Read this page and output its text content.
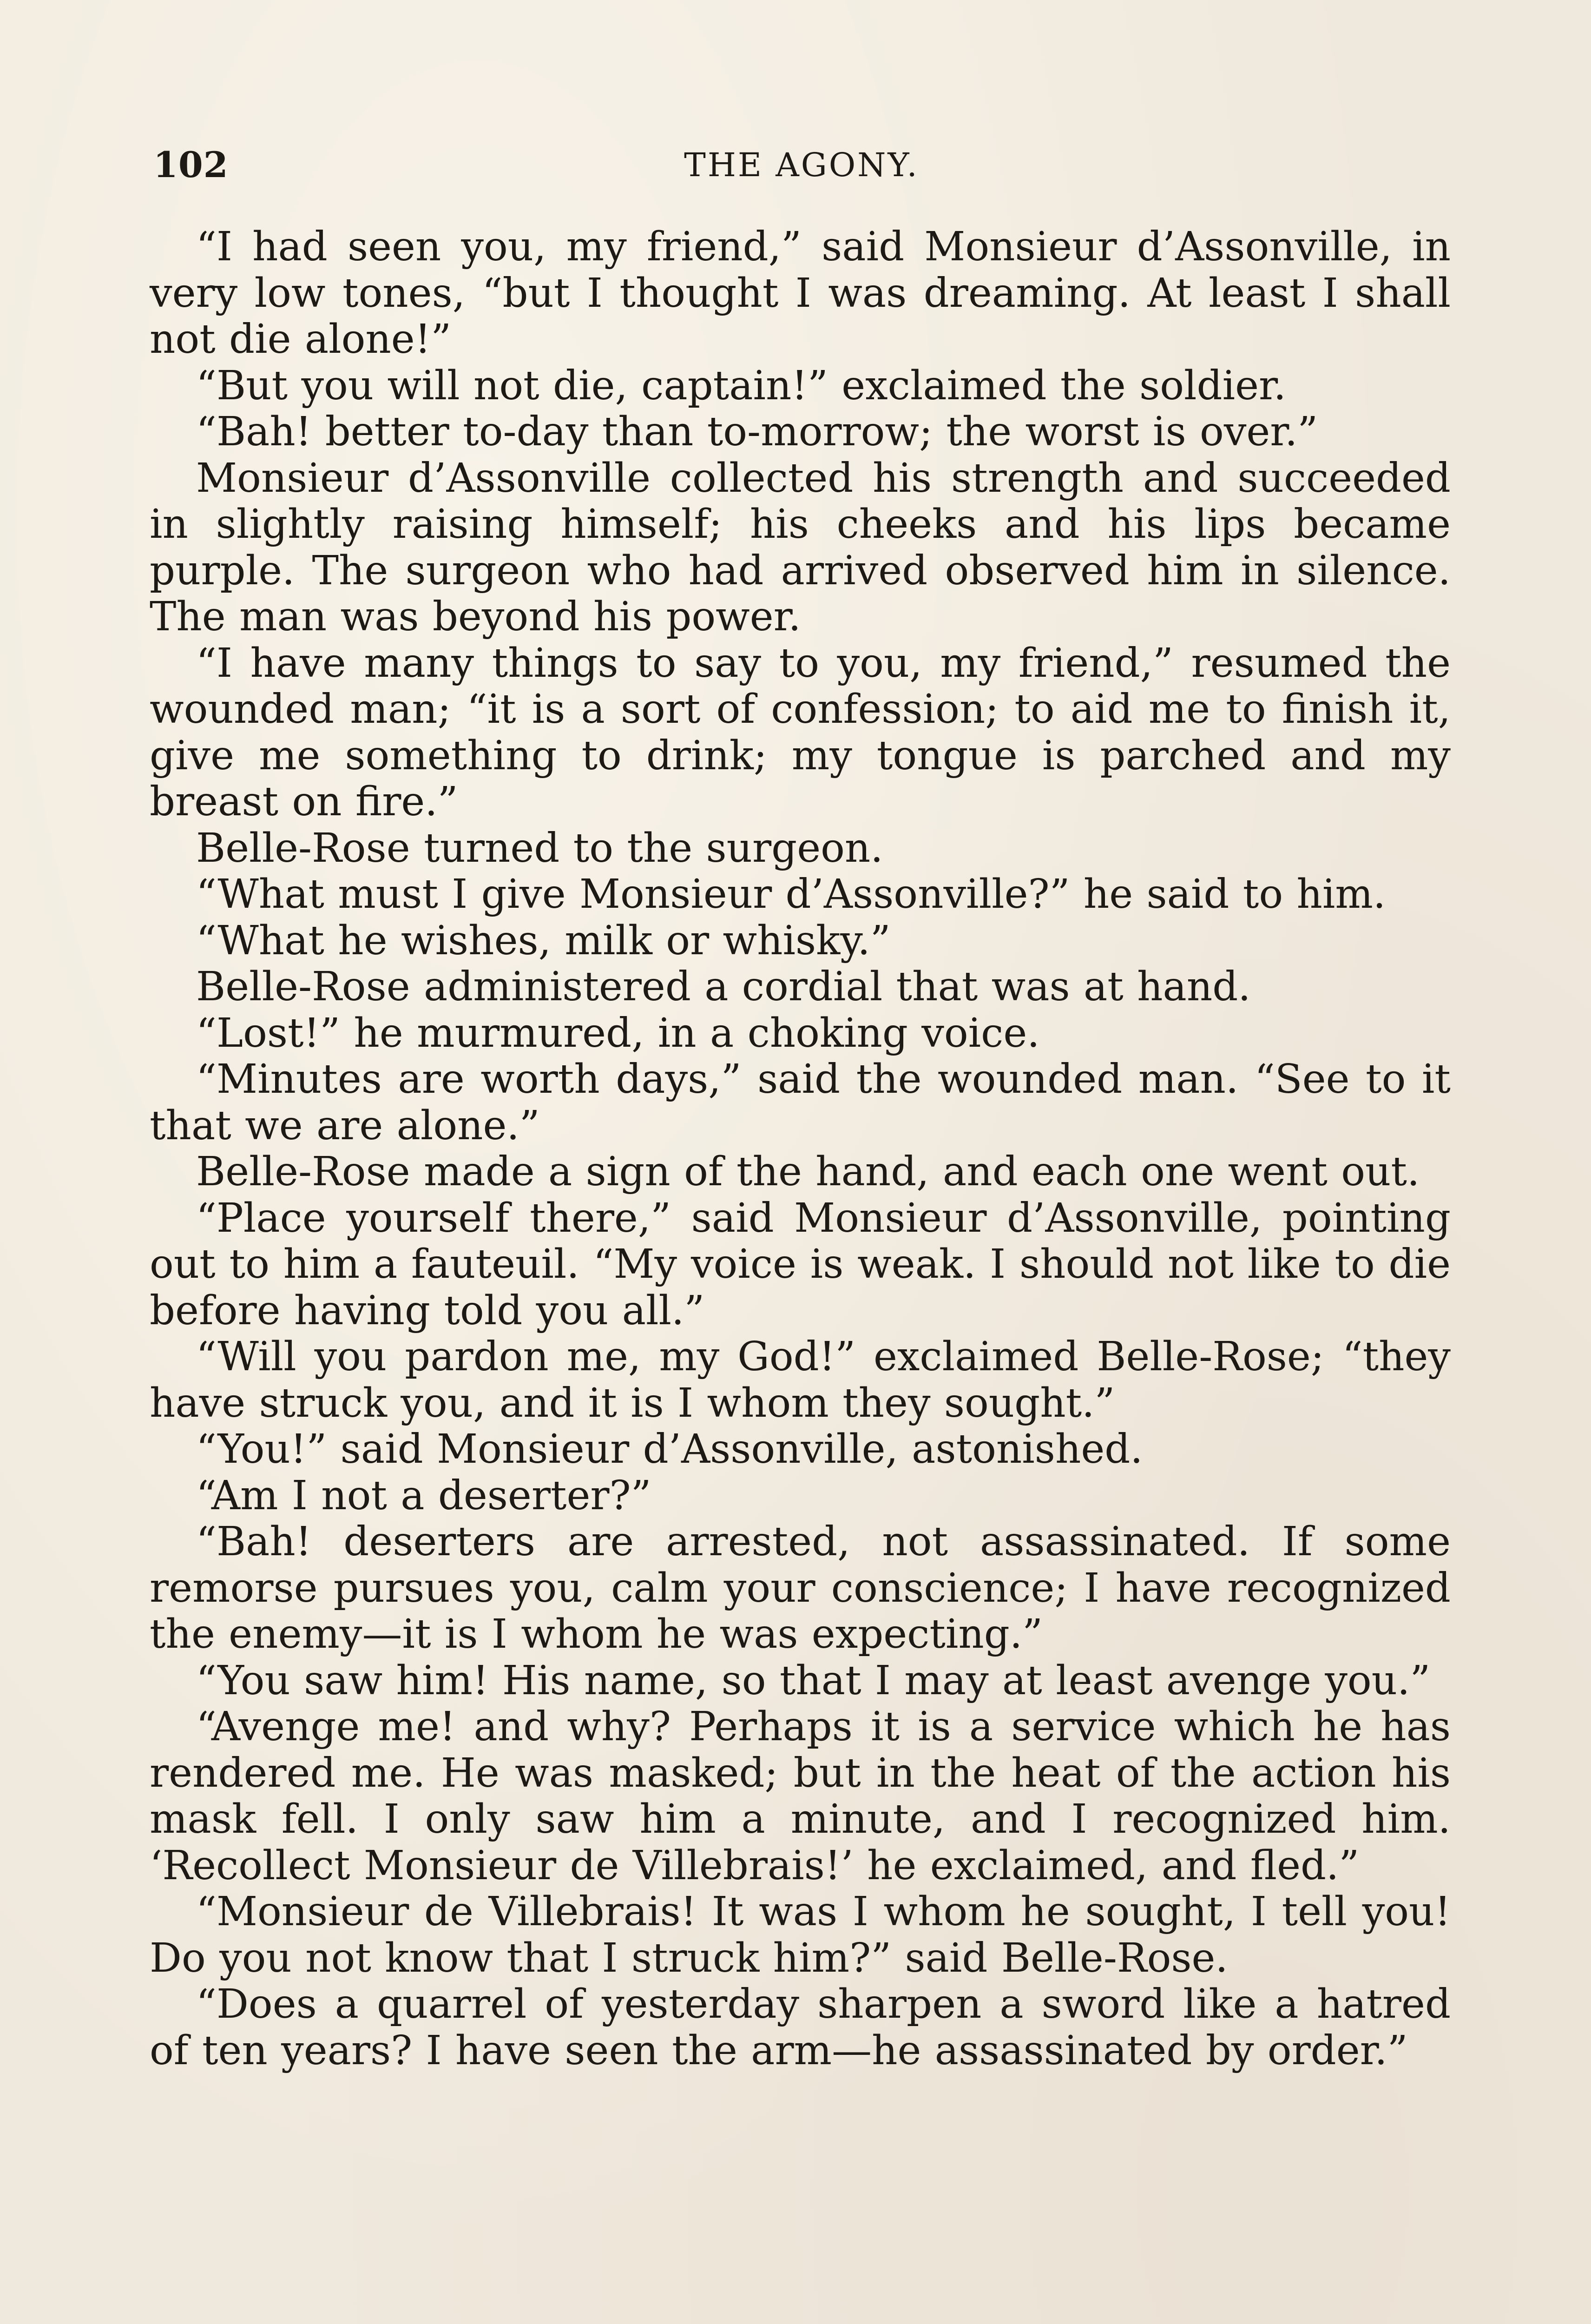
102	THE AGONY.

“I had seen you, my friend,” said Monsieur d’Assonville, in very low tones, “but I thought I was dreaming. At least I shall not die alone!”

“But you will not die, captain!” exclaimed the soldier.

“Bah! better to-day than to-morrow; the worst is over.”

Monsieur d’Assonville collected his strength and succeeded in slightly raising himself; his cheeks and his lips became purple. The surgeon who had arrived observed him in silence. The man was beyond his power.

“I have many things to say to you, my friend,” resumed the wounded man; “it is a sort of confession; to aid me to finish it, give me something to drink; my tongue is parched and my breast on fire.”

Belle-Rose turned to the surgeon.

“What must I give Monsieur d’Assonville?” he said to him.

“What he wishes, milk or whisky.”

Belle-Rose administered a cordial that was at hand.

“Lost!” he murmured, in a choking voice.

“Minutes are worth days,” said the wounded man. “See to it that we are alone.”

Belle-Rose made a sign of the hand, and each one went out.

“Place yourself there,” said Monsieur d’Assonville, pointing out to him a fauteuil. “My voice is weak. I should not like to die before having told you all.”

“Will you pardon me, my God!” exclaimed Belle-Rose; “they have struck you, and it is I whom they sought.”

“You!” said Monsieur d’Assonville, astonished.

“Am I not a deserter?”

“Bah! deserters are arrested, not assassinated. If some remorse pursues you, calm your conscience; I have recognized the enemy—it is I whom he was expecting.”

“You saw him! His name, so that I may at least avenge you.”

“Avenge me! and why? Perhaps it is a service which he has rendered me. He was masked; but in the heat of the action his mask fell. I only saw him a minute, and I recognized him. ‘Recollect Monsieur de Villebrais!’ he exclaimed, and fled.”

“Monsieur de Villebrais! It was I whom he sought, I tell you! Do you not know that I struck him?” said Belle-Rose.

“Does a quarrel of yesterday sharpen a sword like a hatred of ten years? I have seen the arm—he assassinated by order.”
